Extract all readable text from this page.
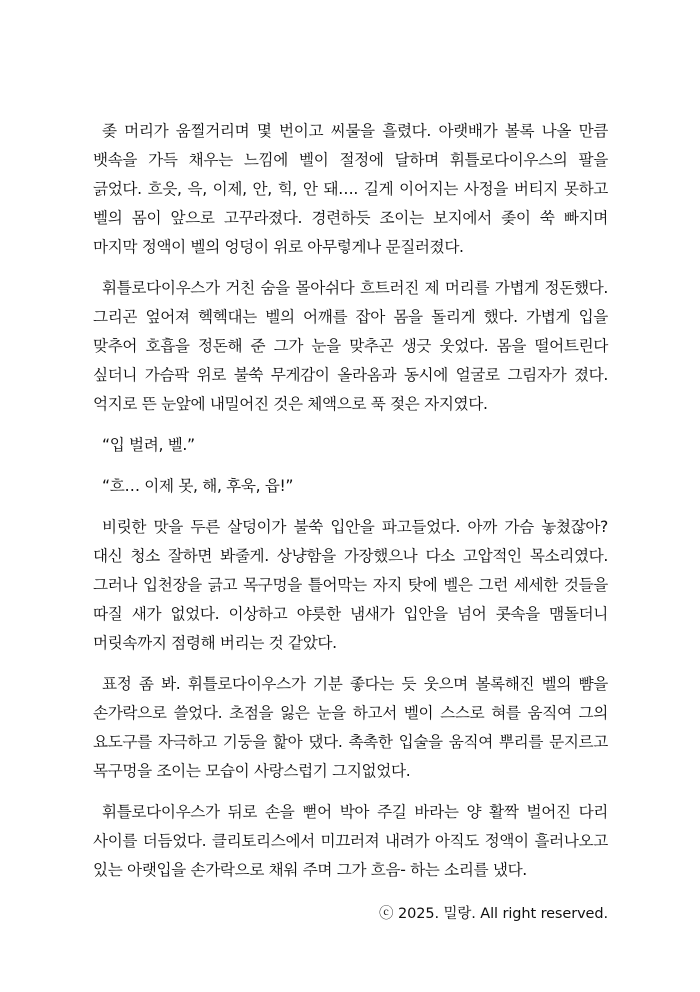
좆 머리가 움찔거리며 몇 번이고 씨물을 흘렸다. 아랫배가 볼록 나올 만큼 뱃속을 가득 채우는 느낌에 벨이 절정에 달하며 휘틀로다이우스의 팔을 긁었다. 흐읏, 윽, 이제, 안, 힉, 안 돼…. 길게 이어지는 사정을 버티지 못하고 벨의 몸이 앞으로 고꾸라졌다. 경련하듯 조이는 보지에서 좆이 쑥 빠지며 마지막 정액이 벨의 엉덩이 위로 아무렇게나 문질러졌다.

휘틀로다이우스가 거친 숨을 몰아쉬다 흐트러진 제 머리를 가볍게 정돈했다. 그리곤 엎어져 헥헥대는 벨의 어깨를 잡아 몸을 돌리게 했다. 가볍게 입을 맞추어 호흡을 정돈해 준 그가 눈을 맞추곤 생긋 웃었다. 몸을 떨어트린다 싶더니 가슴팍 위로 불쑥 무게감이 올라옴과 동시에 얼굴로 그림자가 졌다. 억지로 뜬 눈앞에 내밀어진 것은 체액으로 푹 젖은 자지였다.

“입 벌려, 벨.”

“흐… 이제 못, 해, 후욱, 읍!”

비릿한 맛을 두른 살덩이가 불쑥 입안을 파고들었다. 아까 가슴 놓쳤잖아? 대신 청소 잘하면 봐줄게. 상냥함을 가장했으나 다소 고압적인 목소리였다. 그러나 입천장을 긁고 목구멍을 틀어막는 자지 탓에 벨은 그런 세세한 것들을 따질 새가 없었다. 이상하고 야릇한 냄새가 입안을 넘어 콧속을 맴돌더니 머릿속까지 점령해 버리는 것 같았다.

표정 좀 봐. 휘틀로다이우스가 기분 좋다는 듯 웃으며 볼록해진 벨의 뺨을 손가락으로 쓸었다. 초점을 잃은 눈을 하고서 벨이 스스로 혀를 움직여 그의 요도구를 자극하고 기둥을 핥아 댔다. 촉촉한 입술을 움직여 뿌리를 문지르고 목구멍을 조이는 모습이 사랑스럽기 그지없었다.

휘틀로다이우스가 뒤로 손을 뻗어 박아 주길 바라는 양 활짝 벌어진 다리 사이를 더듬었다. 클리토리스에서 미끄러져 내려가 아직도 정액이 흘러나오고 있는 아랫입을 손가락으로 채워 주며 그가 흐음- 하는 소리를 냈다.

ⓒ 2025. 밀랑. All right reserved.
